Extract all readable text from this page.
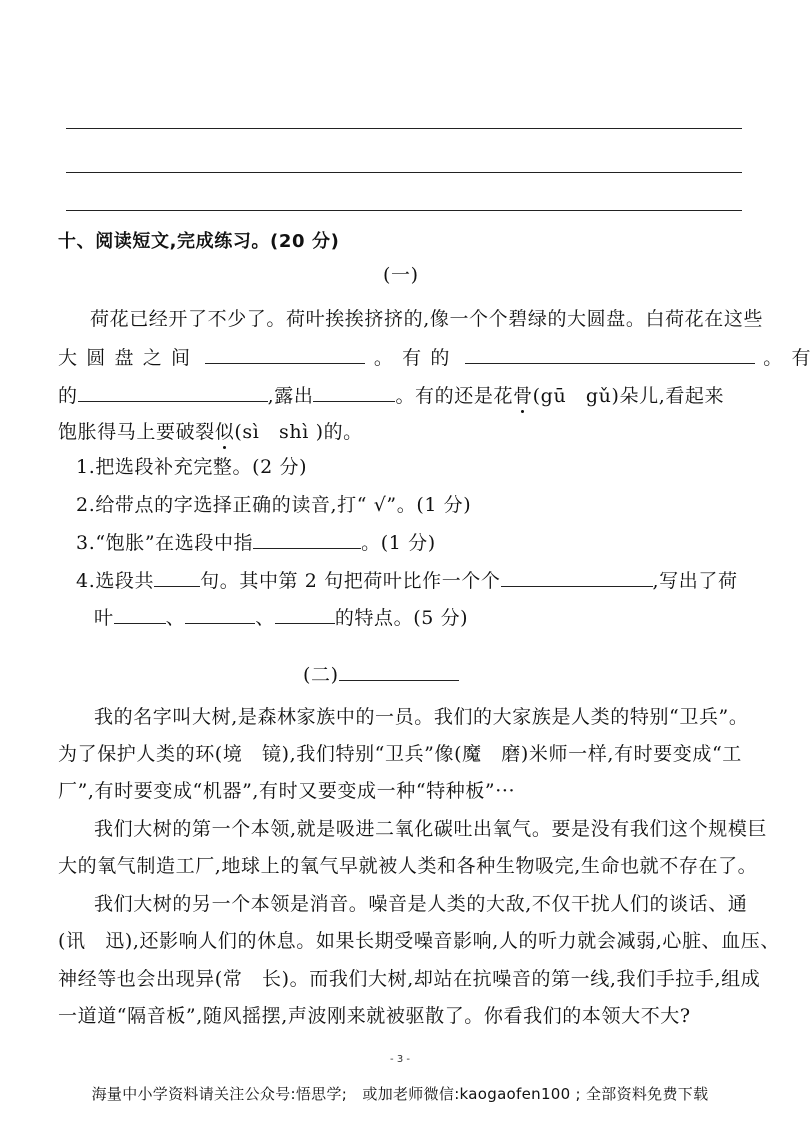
十、阅读短文,完成练习。(20 分)
(一)
荷花已经开了不少了。荷叶挨挨挤挤的,像一个个碧绿的大圆盘。白荷花在这些
大 圆 盘 之 间	。 有 的	。 有
的	,露出	。有的还是花骨(gū　gǔ)朵儿,看起来
饱胀得马上要破裂似(sì　shì )的。
1.把选段补充完整。(2 分)
2.给带点的字选择正确的读音,打“ √”。(1 分)
3.“饱胀”在选段中指	。(1 分)
4.选段共 句。其中第 2 句把荷叶比作一个个	,写出了荷
叶	、	、	的特点。(5 分)
(二)
我的名字叫大树,是森林家族中的一员。我们的大家族是人类的特别“卫兵”。
为了保护人类的环(境　镜),我们特别“卫兵”像(魔　磨)米师一样,有时要变成“工
厂”,有时要变成“机器”,有时又要变成一种“特种板”···
我们大树的第一个本领,就是吸进二氧化碳吐出氧气。要是没有我们这个规模巨
大的氧气制造工厂,地球上的氧气早就被人类和各种生物吸完,生命也就不存在了。
我们大树的另一个本领是消音。噪音是人类的大敌,不仅干扰人们的谈话、通
(讯　迅),还影响人们的休息。如果长期受噪音影响,人的听力就会减弱,心脏、血压、
神经等也会出现异(常　长)。而我们大树,却站在抗噪音的第一线,我们手拉手,组成
一道道“隔音板”,随风摇摆,声波刚来就被驱散了。你看我们的本领大不大?
- 3 -
海量中小学资料请关注公众号:悟思学;　或加老师微信:kaogaofen100 ; 全部资料免费下载
